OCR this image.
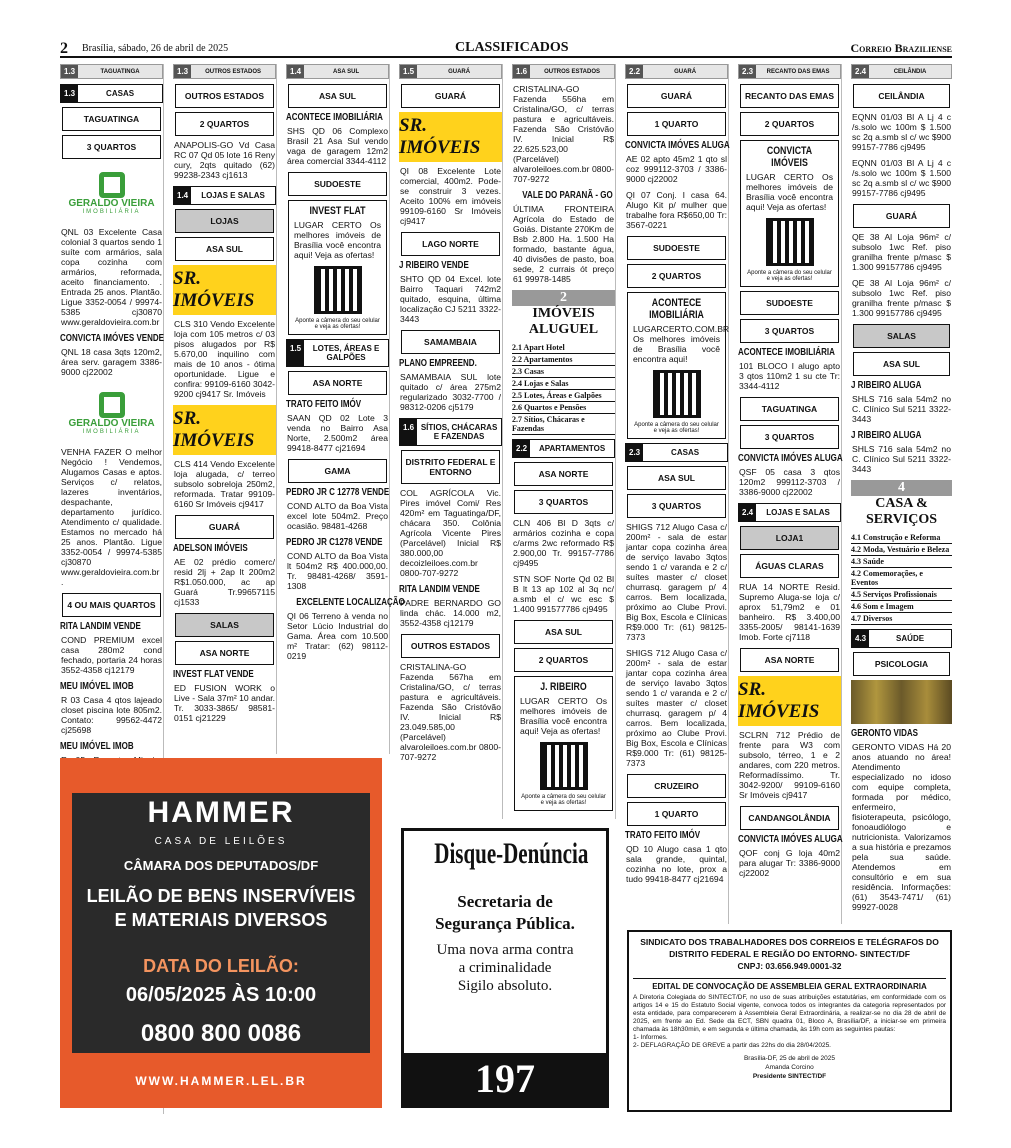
2 Brasília, sábado, 26 de abril de 2025	CLASSIFICADOS	Correio Braziliense
1.3	TAGUATINGA
1.3	CASAS
TAGUATINGA
3 QUARTOS
GERALDO VIEIRA
IMOBILIÁRIA
QNL 03 Excelente Casa colonial 3 quartos sendo 1 suíte com armários, sala copa cozinha com armários, reformada, aceito financiamento. . Entrada 25 anos. Plantão. Ligue 3352-0054 / 99974-5385 cj30870 www.geraldovieira.com.br
CONVICTA IMÓVES VENDE
QNL 18 casa 3qts 120m2, área serv. garagem 3386-9000 cj22002
GERALDO VIEIRA
IMOBILIÁRIA
VENHA FAZER O melhor Negócio ! Vendemos, Alugamos Casas e aptos. Serviços c/ relatos, lazeres inventários, despachante, departamento jurídico. Atendimento c/ qualidade. Estamos no mercado há 25 anos. Plantão. Ligue 3352-0054 / 99974-5385 cj30870 www.geraldovieira.com.br .
4 OU MAIS QUARTOS
RITA LANDIM VENDE
COND PREMIUM excel casa 280m2 cond fechado, portaria 24 horas 3552-4358 cj12179
MEU IMÓVEL IMOB
R 03 Casa 4 qtos lajeado closet piscina lote 805m2. Contato: 99562-4472 cj25698
MEU IMÓVEL IMOB
1.3	OUTROS ESTADOS
OUTROS ESTADOS
2 QUARTOS
ANAPOLIS-GO Vd Casa RC 07 Qd 05 lote 16 Reny cury, 2qts quitado (62) 99238-2343 cj1613
1.4	LOJAS E SALAS
LOJAS
ASA SUL
SR. IMÓVEIS
CLS 310 Vendo Excelente loja com 105 metros c/ 03 pisos alugados por R$ 5.670,00 inquilino com mais de 10 anos - ótima oportunidade. Ligue e confira: 99109-6160 3042-9200 cj9417 Sr. Imóveis
SR. IMÓVEIS
CLS 414 Vendo Excelente loja alugada, c/ terreo subsolo sobreloja 250m2, reformada. Tratar 99109-6160 Sr Imóveis cj9417
GUARÁ
ADELSON IMÓVEIS
AE 02 prédio comerc/ resid 2lj + 2ap lt 200m2 R$1.050.000, ac ap Guará Tr.99657115 cj1533
SALAS
ASA NORTE
INVEST FLAT VENDE
ED FUSION WORK o Live - Sala 37m² 10 andar. Tr. 3033-3865/ 98581-0151 cj21229
1.4	ASA SUL
ASA SUL
ACONTECE IMOBILIÁRIA
SHS QD 06 Complexo Brasil 21 Asa Sul vendo vaga de garagem 12m2 área comercial 3344-4112
SUDOESTE
INVEST FLAT
LUGAR CERTO Os melhores imóveis de Brasília você encontra aqui! Veja as ofertas!
Aponte a câmera do seu celular e veja as ofertas!
1.5	LOTES, ÁREAS E GALPÕES
ASA NORTE
TRATO FEITO IMÓV
SAAN QD 02 Lote 3 venda no Bairro Asa Norte, 2.500m2 área 99418-8477 cj21694
GAMA
PEDRO JR C 12778 VENDE
COND ALTO da Boa Vista excel lote 504m2. Preço ocasião. 98481-4268
PEDRO JR C1278 VENDE
COND ALTO da Boa Vista lt 504m2 R$ 400.000,00. Tr. 98481-4268/ 3591-1308
EXCELENTE LOCALIZAÇÃO
QI 06 Terreno à venda no Setor Lúcio Industrial do Gama. Área com 10.500 m² Tratar: (62) 98112-0219
1.5	GUARÁ
GUARÁ
SR. IMÓVEIS
QI 08 Excelente Lote comercial, 400m2. Pode-se construir 3 vezes. Aceito 100% em imóveis 99109-6160 Sr Imóveis cj9417
LAGO NORTE
J RIBEIRO VENDE
SHTO QD 04 Excel. lote Bairro Taquari 742m2 quitado, esquina, última localização CJ 5211 3322-3443
SAMAMBAIA
PLANO EMPREEND.
SAMAMBAIA SUL lote quitado c/ área 275m2 regularizado 3032-7700 / 98312-0206 cj5179
1.6 SÍTIOS, CHÁCARAS E FAZENDAS
DISTRITO FEDERAL E ENTORNO
COL AGRÍCOLA Vic. Pires imóvel Comi/ Res 420m² em Taguatinga/DF, chácara 350. Colônia Agrícola Vicente Pires (Parcelável) Inicial R$ 380.000,00 decoizleiloes.com.br 0800-707-9272
RITA LANDIM VENDE
PADRE BERNARDO GO linda chác. 14.000 m2, 3552-4358 cj12179
OUTROS ESTADOS
CRISTALINA-GO Fazenda 567ha em Cristalina/GO, c/ terras pastura e agricultáveis. Fazenda São Cristóvão IV. Inicial R$ 23.049.585,00 (Parcelável) alvaroleiloes.com.br 0800-707-9272
1.6	OUTROS ESTADOS
CRISTALINA-GO Fazenda 556ha em Cristalina/GO, c/ terras pastura e agricultáveis. Fazenda São Cristóvão IV. Inicial R$ 22.625.523,00 (Parcelável) alvaroleiloes.com.br 0800-707-9272
VALE DO PARANÃ - GO
ÚLTIMA FRONTEIRA Agrícola do Estado de Goiás. Distante 270Km de Bsb 2.800 Ha. 1.500 Ha formado, bastante água, 40 divisões de pasto, boa sede, 2 currais ót preço 61 99978-1485
2
IMÓVEIS ALUGUEL
2.1 Apart Hotel
2.2 Apartamentos
2.3 Casas
2.4 Lojas e Salas
2.5 Lotes, Áreas e Galpões
2.6 Quartos e Pensões
2.7 Sítios, Chácaras e Fazendas
2.2	APARTAMENTOS
ASA NORTE
3 QUARTOS
CLN 406 Bl D 3qts c/ armários cozinha e copa c/arms 2wc reformado R$ 2.900,00 Tr. 99157-7786 cj9495
STN SOF Norte Qd 02 Bl B lt 13 ap 102 al 3q nc/ a.smb el c/ wc esc $ 1.400 991577786 cj9495
ASA SUL
2 QUARTOS
J. RIBEIRO
LUGAR CERTO Os melhores imóveis de Brasília você encontra aqui! Veja as ofertas!
Aponte a câmera do seu celular e veja as ofertas!
2.2	GUARÁ
GUARÁ
1 QUARTO
CONVICTA IMÓVES ALUGA
AE 02 apto 45m2 1 qto sl coz 999112-3703 / 3386-9000 cj22002
QI 07 Conj. I casa 64. Alugo Kit p/ mulher que trabalhe fora R$650,00 Tr: 3567-0221
SUDOESTE
2 QUARTOS
ACONTECE IMOBILIÁRIA
LUGARCERTO.COM.BR Os melhores imóveis de Brasília você encontra aqui!
Aponte a câmera do seu celular e veja as ofertas!
2.3	CASAS
ASA SUL
3 QUARTOS
SHIGS 712 Alugo Casa c/ 200m² - sala de estar jantar copa cozinha área de serviço lavabo 3qtos sendo 1 c/ varanda e 2 c/ suítes master c/ closet churrasq. garagem p/ 4 carros. Bem localizada, próximo ao Clube Provi. Big Box, Escola e Clínicas R$9.000 Tr: (61) 98125-7373
SHIGS 712 Alugo Casa c/ 200m² - sala de estar jantar copa cozinha área de serviço lavabo 3qtos sendo 1 c/ varanda e 2 c/ suítes master c/ closet churrasq. garagem p/ 4 carros. Bem localizada, próximo ao Clube Provi. Big Box, Escola e Clínicas R$9.000 Tr: (61) 98125-7373
CRUZEIRO
1 QUARTO
TRATO FEITO IMÓV
QD 10 Alugo casa 1 qto sala grande, quintal, cozinha no lote, prox a tudo 99418-8477 cj21694
2.3	RECANTO DAS EMAS
RECANTO DAS EMAS
2 QUARTOS
CONVICTA IMÓVEIS
LUGAR CERTO Os melhores imóveis de Brasília você encontra aqui! Veja as ofertas!
Aponte a câmera do seu celular e veja as ofertas!
SUDOESTE
3 QUARTOS
ACONTECE IMOBILIÁRIA
101 BLOCO I alugo apto 3 qtos 110m2 1 su cte Tr: 3344-4112
TAGUATINGA
3 QUARTOS
CONVICTA IMÓVES ALUGA
QSF 05 casa 3 qtos 120m2 999112-3703 / 3386-9000 cj22002
2.4	LOJAS E SALAS
LOJA1
ÁGUAS CLARAS
RUA 14 NORTE Resid. Supremo Aluga-se loja c/ aprox 51,79m2 e 01 banheiro. R$ 3.400,00 3355-2005/ 98141-1639 Imob. Forte cj7118
ASA NORTE
SR. IMÓVEIS
SCLRN 712 Prédio de frente para W3 com subsolo, térreo, 1 e 2 andares, com 220 metros. Reformadíssimo. Tr. 3042-9200/ 99109-6160 Sr Imóveis cj9417
CANDANGOLÂNDIA
CONVICTA IMÓVES ALUGA
QOF conj G loja 40m2 para alugar Tr: 3386-9000 cj22002
2.4	CEILÂNDIA
CEILÂNDIA
EQNN 01/03 Bl A Lj 4 c /s.solo wc 100m $ 1.500 sc 2q a.smb sl c/ wc $900 99157-7786 cj9495
EQNN 01/03 Bl A Lj 4 c /s.solo wc 100m $ 1.500 sc 2q a.smb sl c/ wc $900 99157-7786 cj9495
GUARÁ
QE 38 Al Loja 96m² c/ subsolo 1wc Ref. piso granilha frente p/masc $ 1.300 99157786 cj9495
QE 38 Al Loja 96m² c/ subsolo 1wc Ref. piso granilha frente p/masc $ 1.300 99157786 cj9495
SALAS
ASA SUL
J RIBEIRO ALUGA
SHLS 716 sala 54m2 no C. Clínico Sul 5211 3322-3443
J RIBEIRO ALUGA
SHLS 716 sala 54m2 no C. Clínico Sul 5211 3322-3443
4
CASA & SERVIÇOS
4.1 Construção e Reforma
4.2 Moda, Vestuário e Beleza
4.3 Saúde
4.2 Comemorações, e Eventos
4.5 Serviços Profissionais
4.6 Som e Imagem
4.7 Diversos
4.3	SAÚDE
PSICOLOGIA
GERONTO VIDAS
GERONTO VIDAS Há 20 anos atuando no área! Atendimento especializado no idoso com equipe completa, formada por médico, enfermeiro, fisioterapeuta, psicólogo, fonoaudiólogo e nutricionista. Valorizamos a sua história e prezamos pela sua saúde. Atendemos em consultório e em sua residência. Informações: (61) 3543-7471/ (61) 99927-0028
HAMMER
CASA DE LEILÕES
CÂMARA DOS DEPUTADOS/DF
LEILÃO DE BENS INSERVÍVEIS
E MATERIAIS DIVERSOS
DATA DO LEILÃO:
06/05/2025 ÀS 10:00
0800 800 0086
WWW.HAMMER.LEL.BR
Disque-Denúncia
Secretaria de
Segurança Pública.
Uma nova arma contra
a criminalidade
Sigilo absoluto.
197
SINDICATO DOS TRABALHADORES DOS CORREIOS E TELÉGRAFOS DO DISTRITO FEDERAL E REGIÃO DO ENTORNO- SINTECT/DF
CNPJ: 03.656.949.0001-32
EDITAL DE CONVOCAÇÃO DE ASSEMBLEIA GERAL EXTRAORDINARIA
A Diretoria Colegiada do SINTECT/DF, no uso de suas atribuições estatutárias, em conformidade com os artigos 14 e 15 do Estatuto Social vigente, convoca todos os integrantes da categoria representados por esta entidade, para comparecerem à Assembleia Geral Extraordinária, a realizar-se no dia 28 de abril de 2025, em frente ao Ed. Sede da ECT, SBN quadra 01, Bloco A, Brasília/DF, a iniciar-se em primeira chamada às 18h30min, e em segunda e última chamada, às 19h com as seguintes pautas:
1- Informes.
2- DEFLAGRAÇÃO DE GREVE a partir das 22hs do dia 28/04/2025.
Brasília-DF, 25 de abril de 2025
Amanda Corcino
Presidente SINTECT/DF
